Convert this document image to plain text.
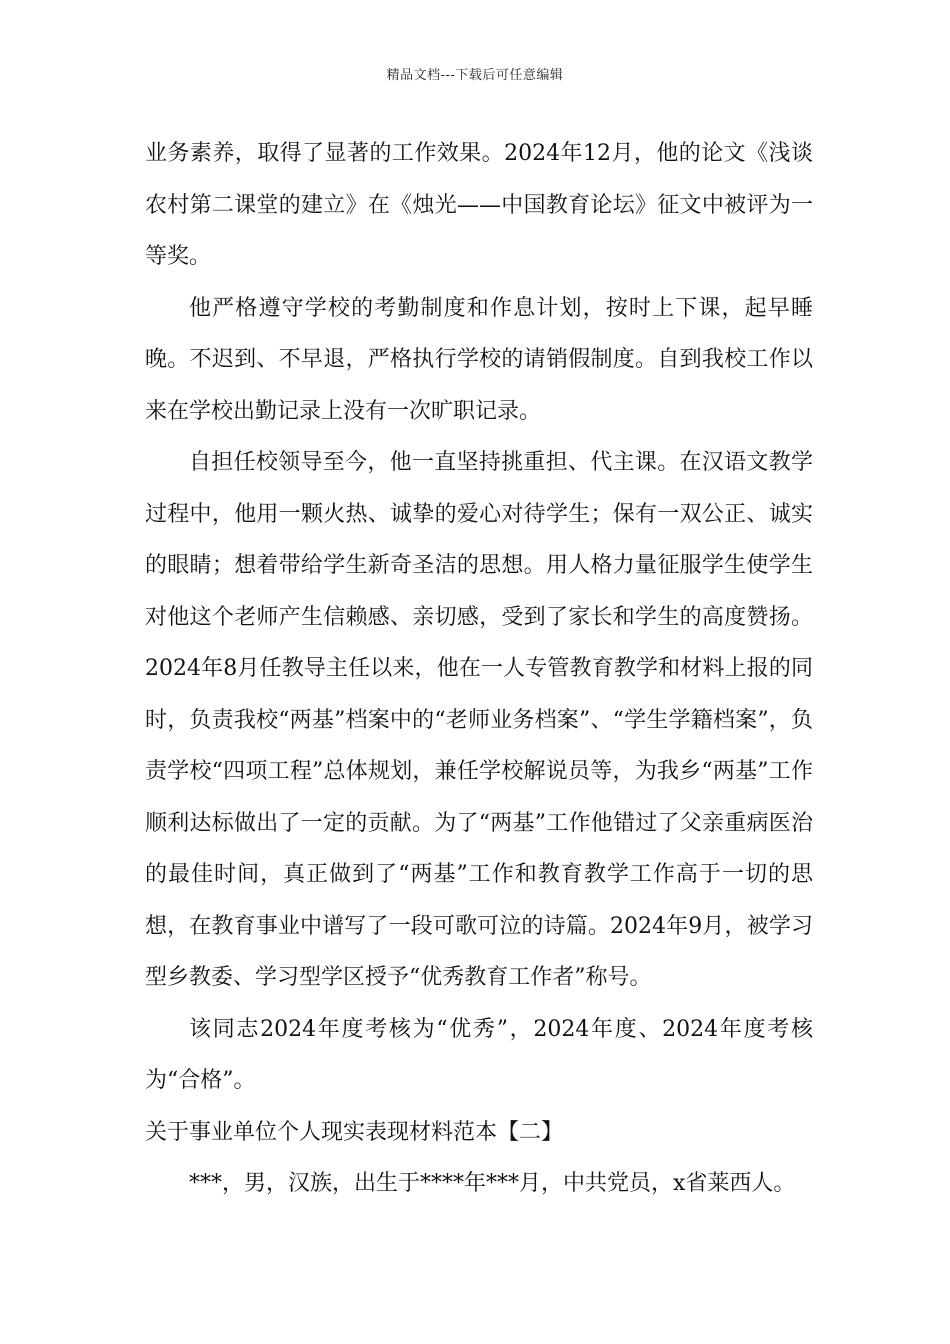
精品文档---下载后可任意编辑

业务素养，取得了显著的工作效果。2024年12月，他的论文《浅谈农村第二课堂的建立》在《烛光——中国教育论坛》征文中被评为一等奖。

他严格遵守学校的考勤制度和作息计划，按时上下课，起早睡晚。不迟到、不早退，严格执行学校的请销假制度。自到我校工作以来在学校出勤记录上没有一次旷职记录。

自担任校领导至今，他一直坚持挑重担、代主课。在汉语文教学过程中，他用一颗火热、诚挚的爱心对待学生；保有一双公正、诚实的眼睛；想着带给学生新奇圣洁的思想。用人格力量征服学生使学生对他这个老师产生信赖感、亲切感，受到了家长和学生的高度赞扬。2024年8月任教导主任以来，他在一人专管教育教学和材料上报的同时，负责我校“两基”档案中的“老师业务档案”、“学生学籍档案”，负责学校“四项工程”总体规划，兼任学校解说员等，为我乡“两基”工作顺利达标做出了一定的贡献。为了“两基”工作他错过了父亲重病医治的最佳时间，真正做到了“两基”工作和教育教学工作高于一切的思想，在教育事业中谱写了一段可歌可泣的诗篇。2024年9月，被学习型乡教委、学习型学区授予“优秀教育工作者”称号。

该同志2024年度考核为“优秀”，2024年度、2024年度考核为“合格”。

关于事业单位个人现实表现材料范本【二】

***，男，汉族，出生于****年***月，中共党员，x省莱西人。
